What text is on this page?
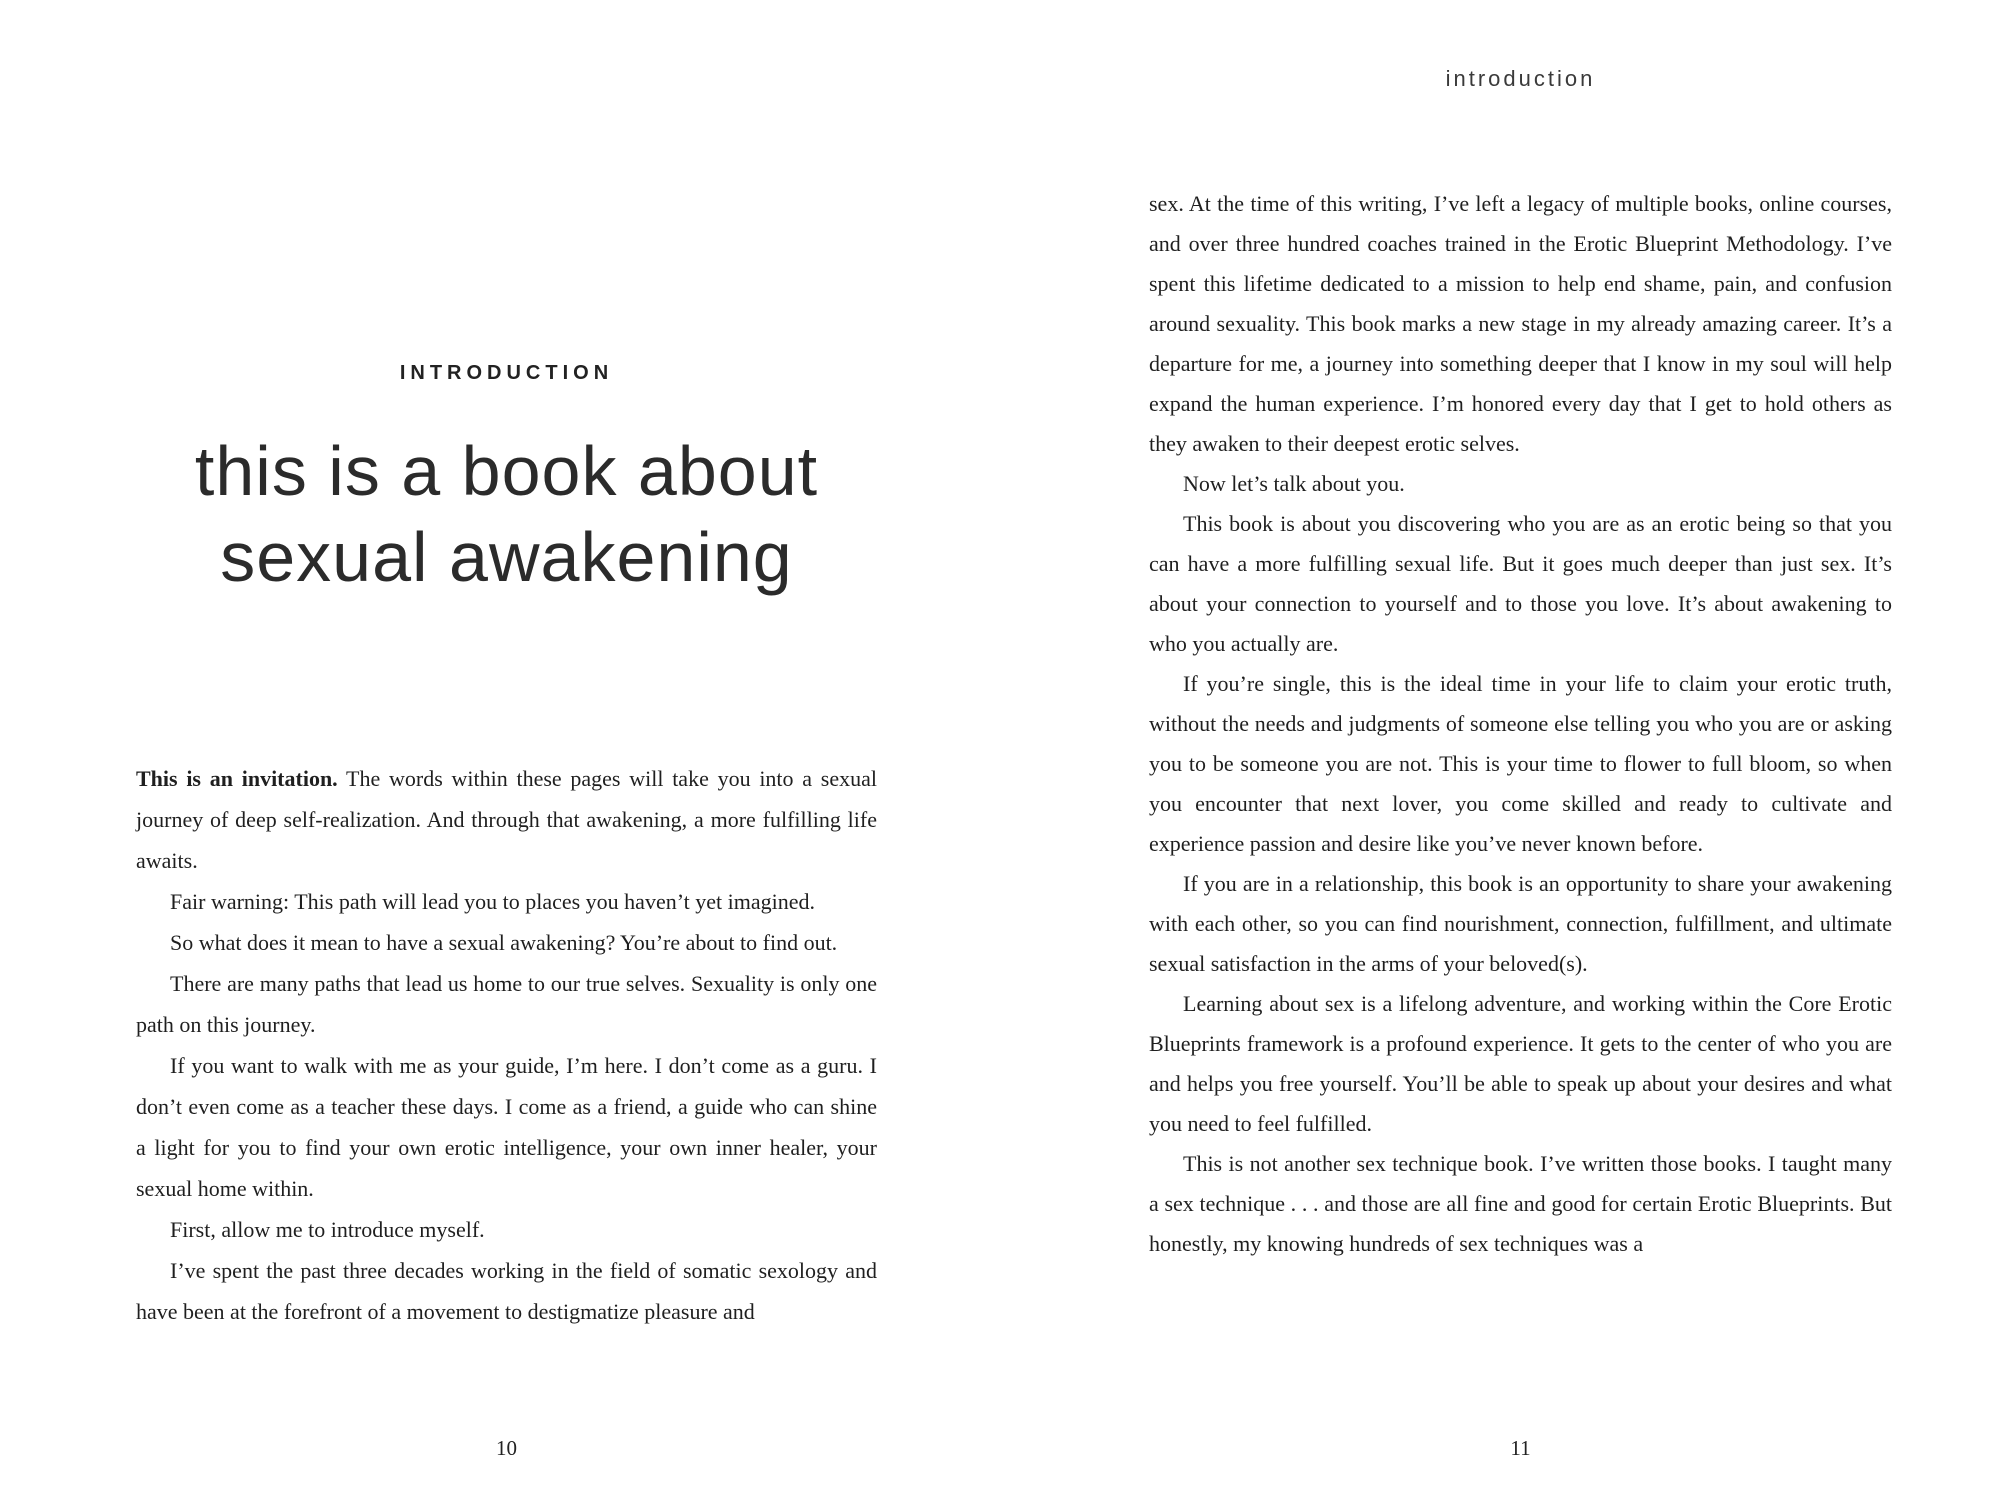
INTRODUCTION
this is a book about
sexual awakening

This is an invitation. The words within these pages will take you into a sexual journey of deep self-realization. And through that awakening, a more fulfilling life awaits.

Fair warning: This path will lead you to places you haven’t yet imagined.

So what does it mean to have a sexual awakening? You’re about to find out.

There are many paths that lead us home to our true selves. Sexuality is only one path on this journey.

If you want to walk with me as your guide, I’m here. I don’t come as a guru. I don’t even come as a teacher these days. I come as a friend, a guide who can shine a light for you to find your own erotic intelligence, your own inner healer, your sexual home within.

First, allow me to introduce myself.

I’ve spent the past three decades working in the field of somatic sexology and have been at the forefront of a movement to destigmatize pleasure and

10
introduction

sex. At the time of this writing, I’ve left a legacy of multiple books, online courses, and over three hundred coaches trained in the Erotic Blueprint Methodology. I’ve spent this lifetime dedicated to a mission to help end shame, pain, and confusion around sexuality. This book marks a new stage in my already amazing career. It’s a departure for me, a journey into something deeper that I know in my soul will help expand the human experience. I’m honored every day that I get to hold others as they awaken to their deepest erotic selves.

Now let’s talk about you.

This book is about you discovering who you are as an erotic being so that you can have a more fulfilling sexual life. But it goes much deeper than just sex. It’s about your connection to yourself and to those you love. It’s about awakening to who you actually are.

If you’re single, this is the ideal time in your life to claim your erotic truth, without the needs and judgments of someone else telling you who you are or asking you to be someone you are not. This is your time to flower to full bloom, so when you encounter that next lover, you come skilled and ready to cultivate and experience passion and desire like you’ve never known before.

If you are in a relationship, this book is an opportunity to share your awakening with each other, so you can find nourishment, connection, fulfillment, and ultimate sexual satisfaction in the arms of your beloved(s).

Learning about sex is a lifelong adventure, and working within the Core Erotic Blueprints framework is a profound experience. It gets to the center of who you are and helps you free yourself. You’ll be able to speak up about your desires and what you need to feel fulfilled.

This is not another sex technique book. I’ve written those books. I taught many a sex technique . . . and those are all fine and good for certain Erotic Blueprints. But honestly, my knowing hundreds of sex techniques was a

11
